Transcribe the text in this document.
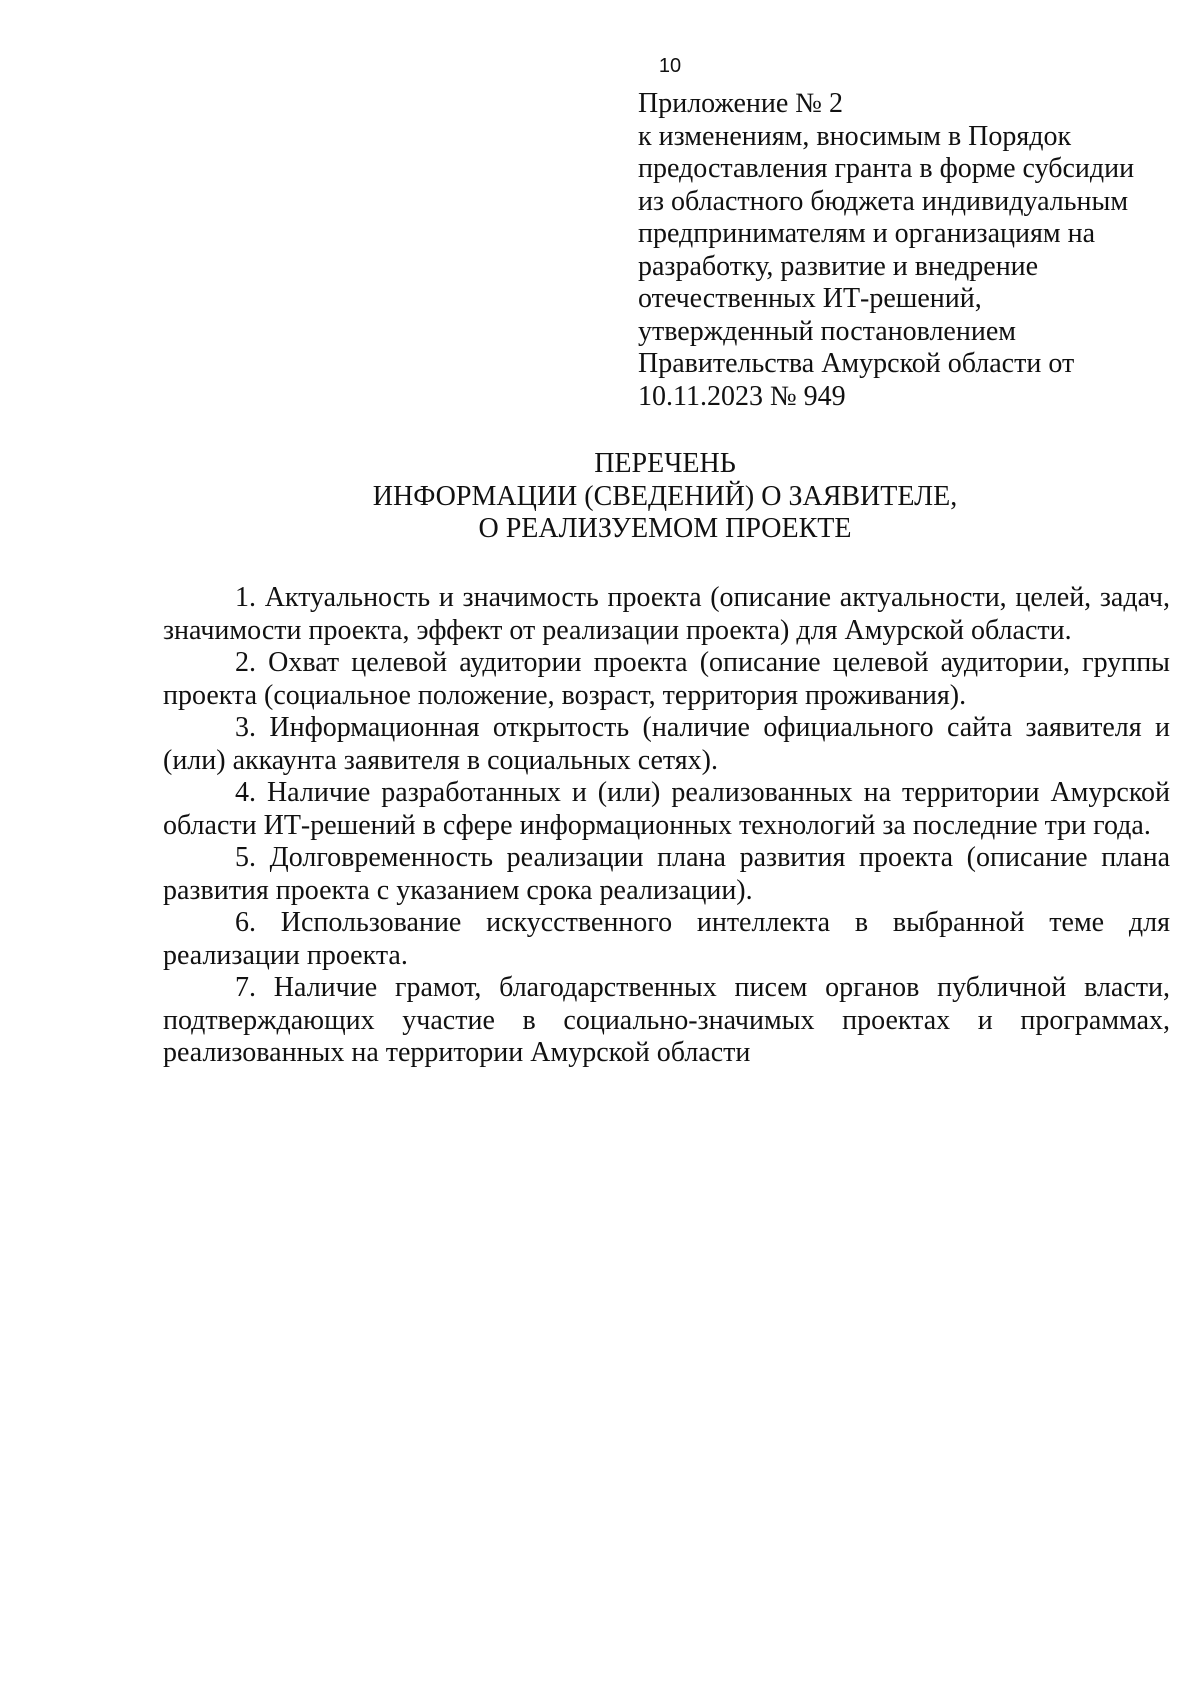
10
Приложение № 2
к изменениям, вносимым в Порядок
предоставления гранта в форме субсидии
из областного бюджета индивидуальным
предпринимателям и организациям на
разработку, развитие и внедрение
отечественных ИТ-решений,
утвержденный постановлением
Правительства Амурской области от
10.11.2023 № 949
ПЕРЕЧЕНЬ
ИНФОРМАЦИИ (СВЕДЕНИЙ) О ЗАЯВИТЕЛЕ,
О РЕАЛИЗУЕМОМ ПРОЕКТЕ

1. Актуальность и значимость проекта (описание актуальности, целей, задач, значимости проекта, эффект от реализации проекта) для Амурской области.

2. Охват целевой аудитории проекта (описание целевой аудитории, группы проекта (социальное положение, возраст, территория проживания).

3. Информационная открытость (наличие официального сайта заявителя и (или) аккаунта заявителя в социальных сетях).

4. Наличие разработанных и (или) реализованных на территории Амурской области ИТ-решений в сфере информационных технологий за последние три года.

5. Долговременность реализации плана развития проекта (описание плана развития проекта с указанием срока реализации).

6. Использование искусственного интеллекта в выбранной теме для реализации проекта.

7. Наличие грамот, благодарственных писем органов публичной власти, подтверждающих участие в социально-значимых проектах и программах, реализованных на территории Амурской области
